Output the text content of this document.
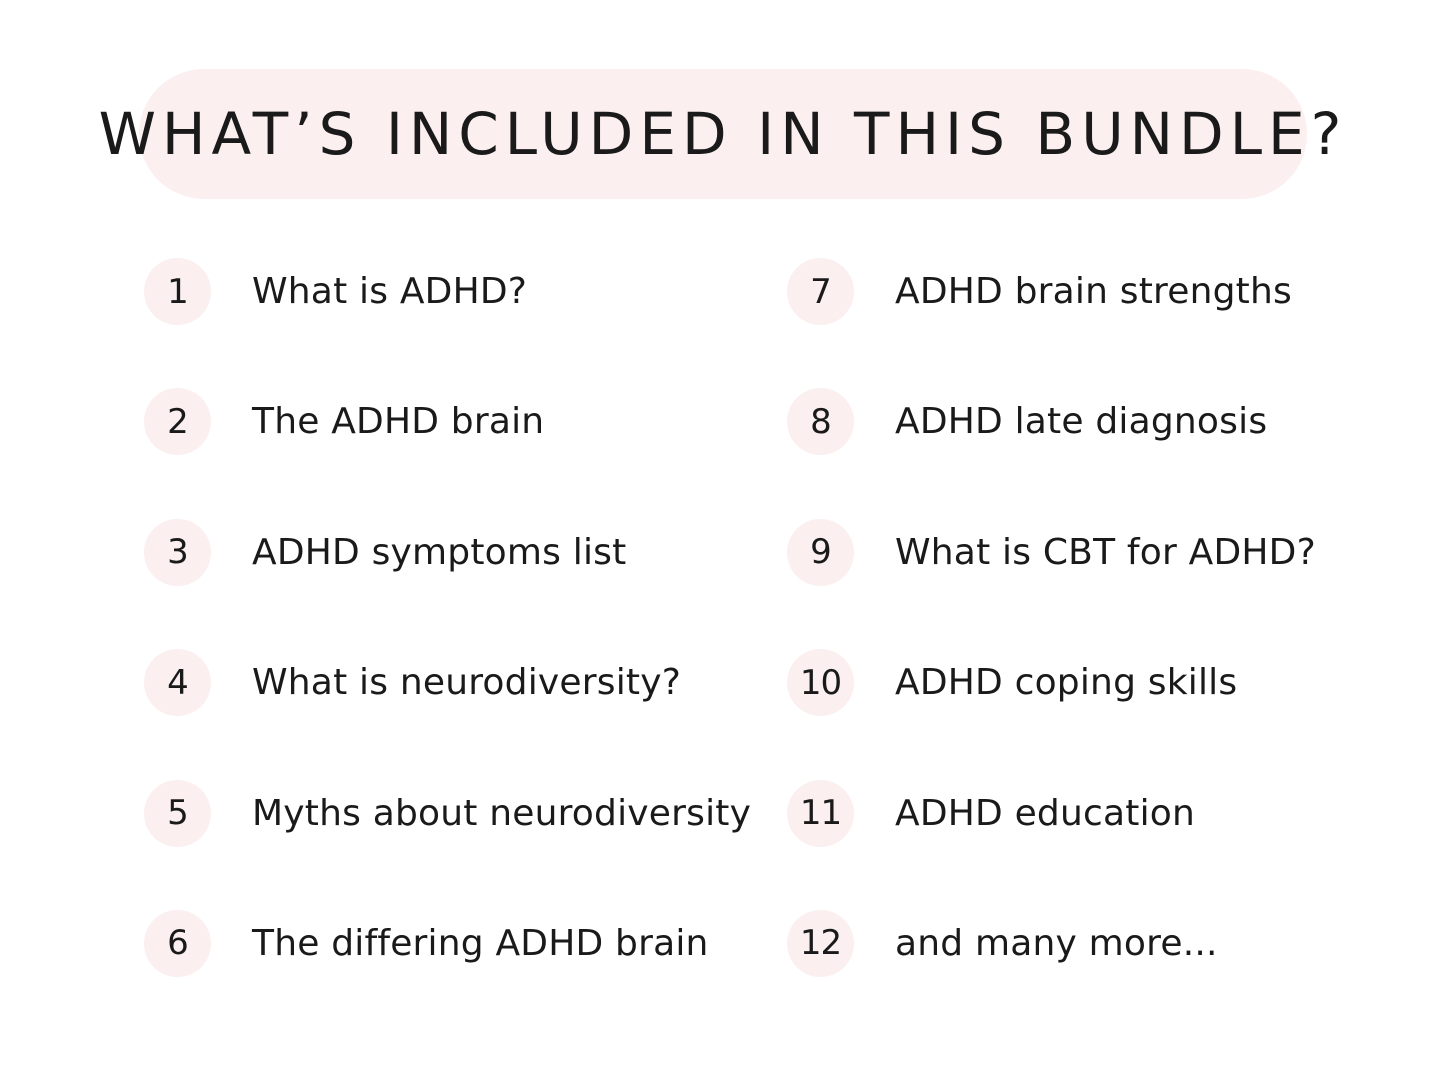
WHAT’S INCLUDED IN THIS BUNDLE?
1 What is ADHD?
2 The ADHD brain
3 ADHD symptoms list
4 What is neurodiversity?
5 Myths about neurodiversity
6 The differing ADHD brain
7 ADHD brain strengths
8 ADHD late diagnosis
9 What is CBT for ADHD?
10 ADHD coping skills
11 ADHD education
12 and many more...
